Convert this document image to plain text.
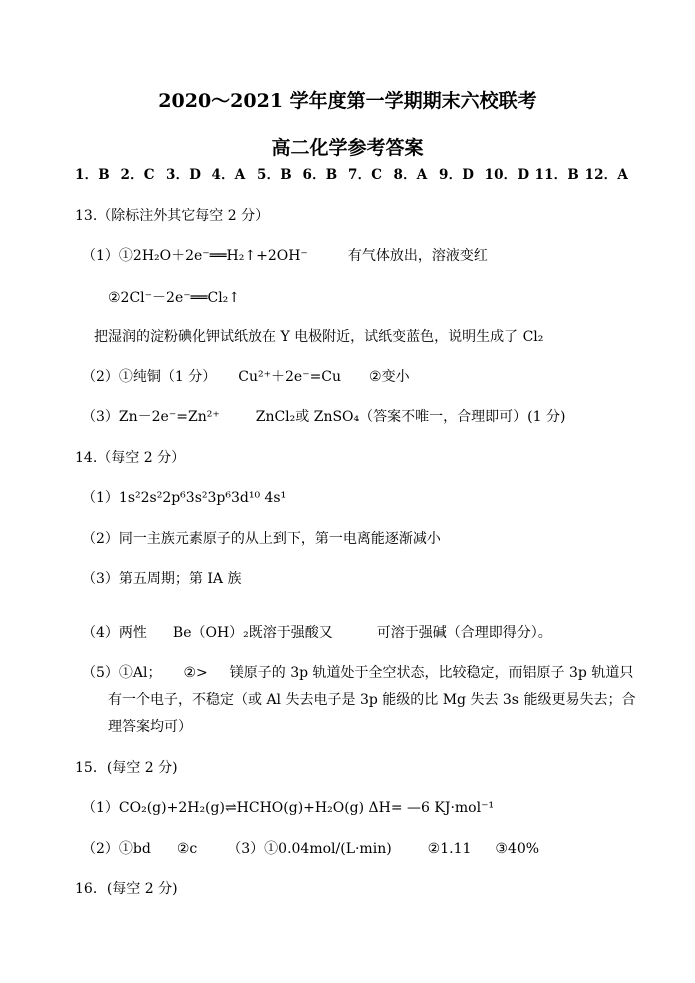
2020～2021 学年度第一学期期末六校联考
高二化学参考答案
1．B 2．C 3．D 4．A 5．B 6．B 7．C 8．A 9．D 10．D 11．B 12．A
13.（除标注外其它每空 2 分）
（1）①2H₂O＋2e⁻══H₂↑+2OH⁻	有气体放出，溶液变红
②2Cl⁻－2e⁻══Cl₂↑
把湿润的淀粉碘化钾试纸放在 Y 电极附近，试纸变蓝色，说明生成了 Cl₂
（2）①纯铜（1 分） Cu²⁺＋2e⁻=Cu ②变小
（3）Zn－2e⁻=Zn²⁺	ZnCl₂或 ZnSO₄（答案不唯一，合理即可）(1 分)
14.（每空 2 分）
（1）1s²2s²2p⁶3s²3p⁶3d¹⁰ 4s¹
（2）同一主族元素原子的从上到下，第一电离能逐渐减小
（3）第五周期；第 IA 族
（4）两性 Be（OH）₂既溶于强酸又	可溶于强碱（合理即得分）。
（5）①Al； ②> 镁原子的 3p 轨道处于全空状态，比较稳定，而铝原子 3p 轨道只
有一个电子，不稳定（或 Al 失去电子是 3p 能级的比 Mg 失去 3s 能级更易失去；合
理答案均可）
15．(每空 2 分)
（1）CO₂(g)+2H₂(g)⇌HCHO(g)+H₂O(g) ΔH= —6 KJ·mol⁻¹
（2）①bd ②c （3）①0.04mol/(L·min)	②1.11 ③40%
16．(每空 2 分)
